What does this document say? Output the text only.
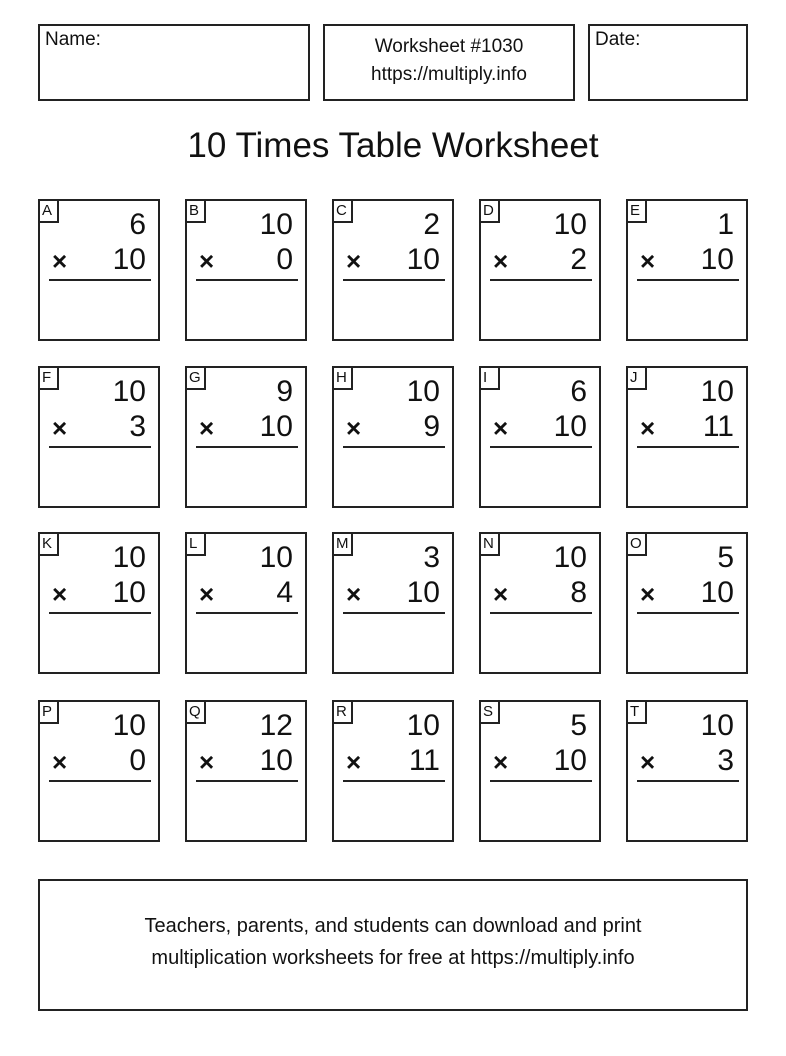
Name:	Worksheet #1030
https://multiply.info
Date:
10 Times Table Worksheet
A	6
× 10
B 10
× 0
C	2
× 10
D 10
× 2
E	1
× 10
F 10
× 3
G	9
× 10
H 10
× 9
I	6
× 10
J	10
× 11
K 10
× 10
L 10
× 4
M 3
× 10
N 10
× 8
O	5
× 10
P 10
× 0
Q 12
× 10
R 10
× 11
S	5
× 10
T 10
× 3
Teachers, parents, and students can download and print
multiplication worksheets for free at https://multiply.info
